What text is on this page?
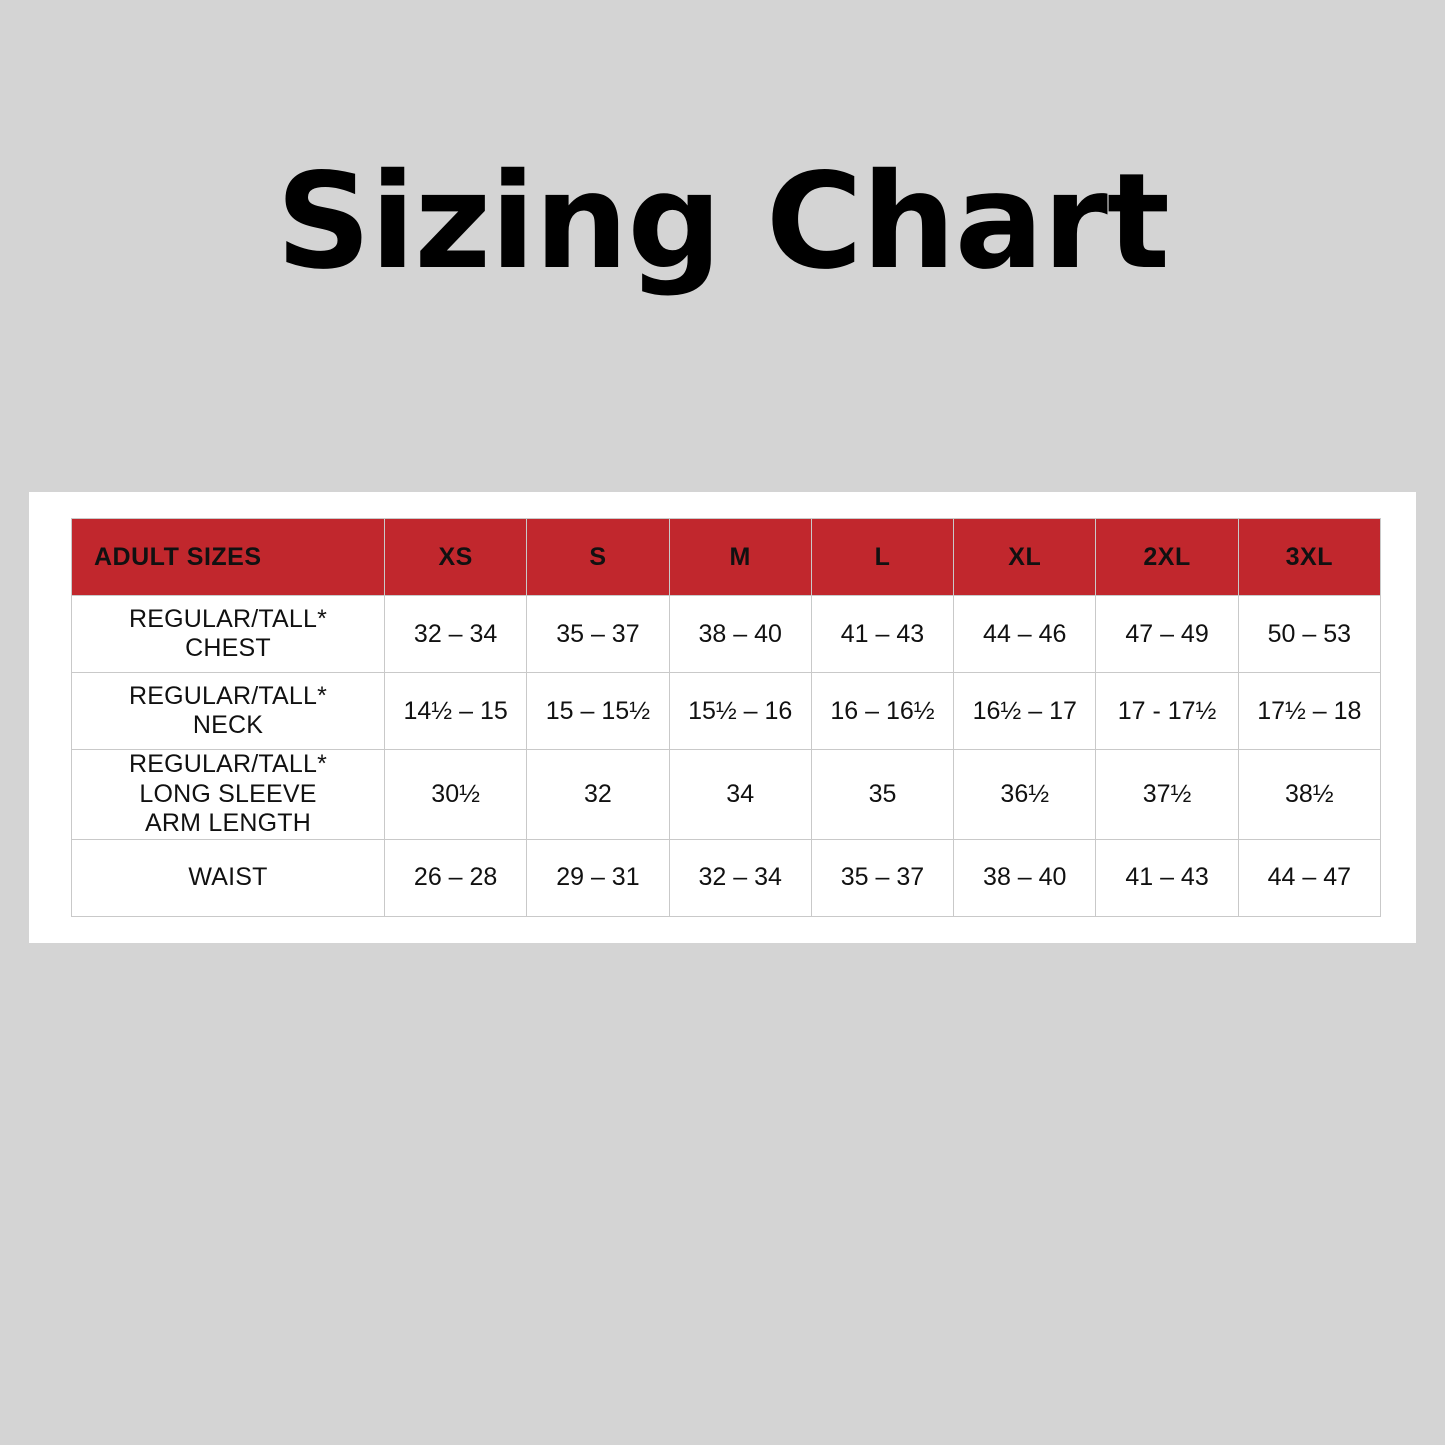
Sizing Chart
ADULT SIZES	XS	S	M	L	XL	2XL	3XL

REGULAR/TALL*
CHEST	32 – 34	35 – 37	38 – 40	41 – 43	44 – 46	47 – 49	50 – 53

REGULAR/TALL*
NECK	14½ – 15	15 – 15½	15½ – 16	16 – 16½	16½ – 17	17 - 17½	17½ – 18

REGULAR/TALL*
LONG SLEEVE
ARM LENGTH	30½	32	34	35	36½	37½	38½

WAIST	26 – 28	29 – 31	32 – 34	35 – 37	38 – 40	41 – 43	44 – 47
